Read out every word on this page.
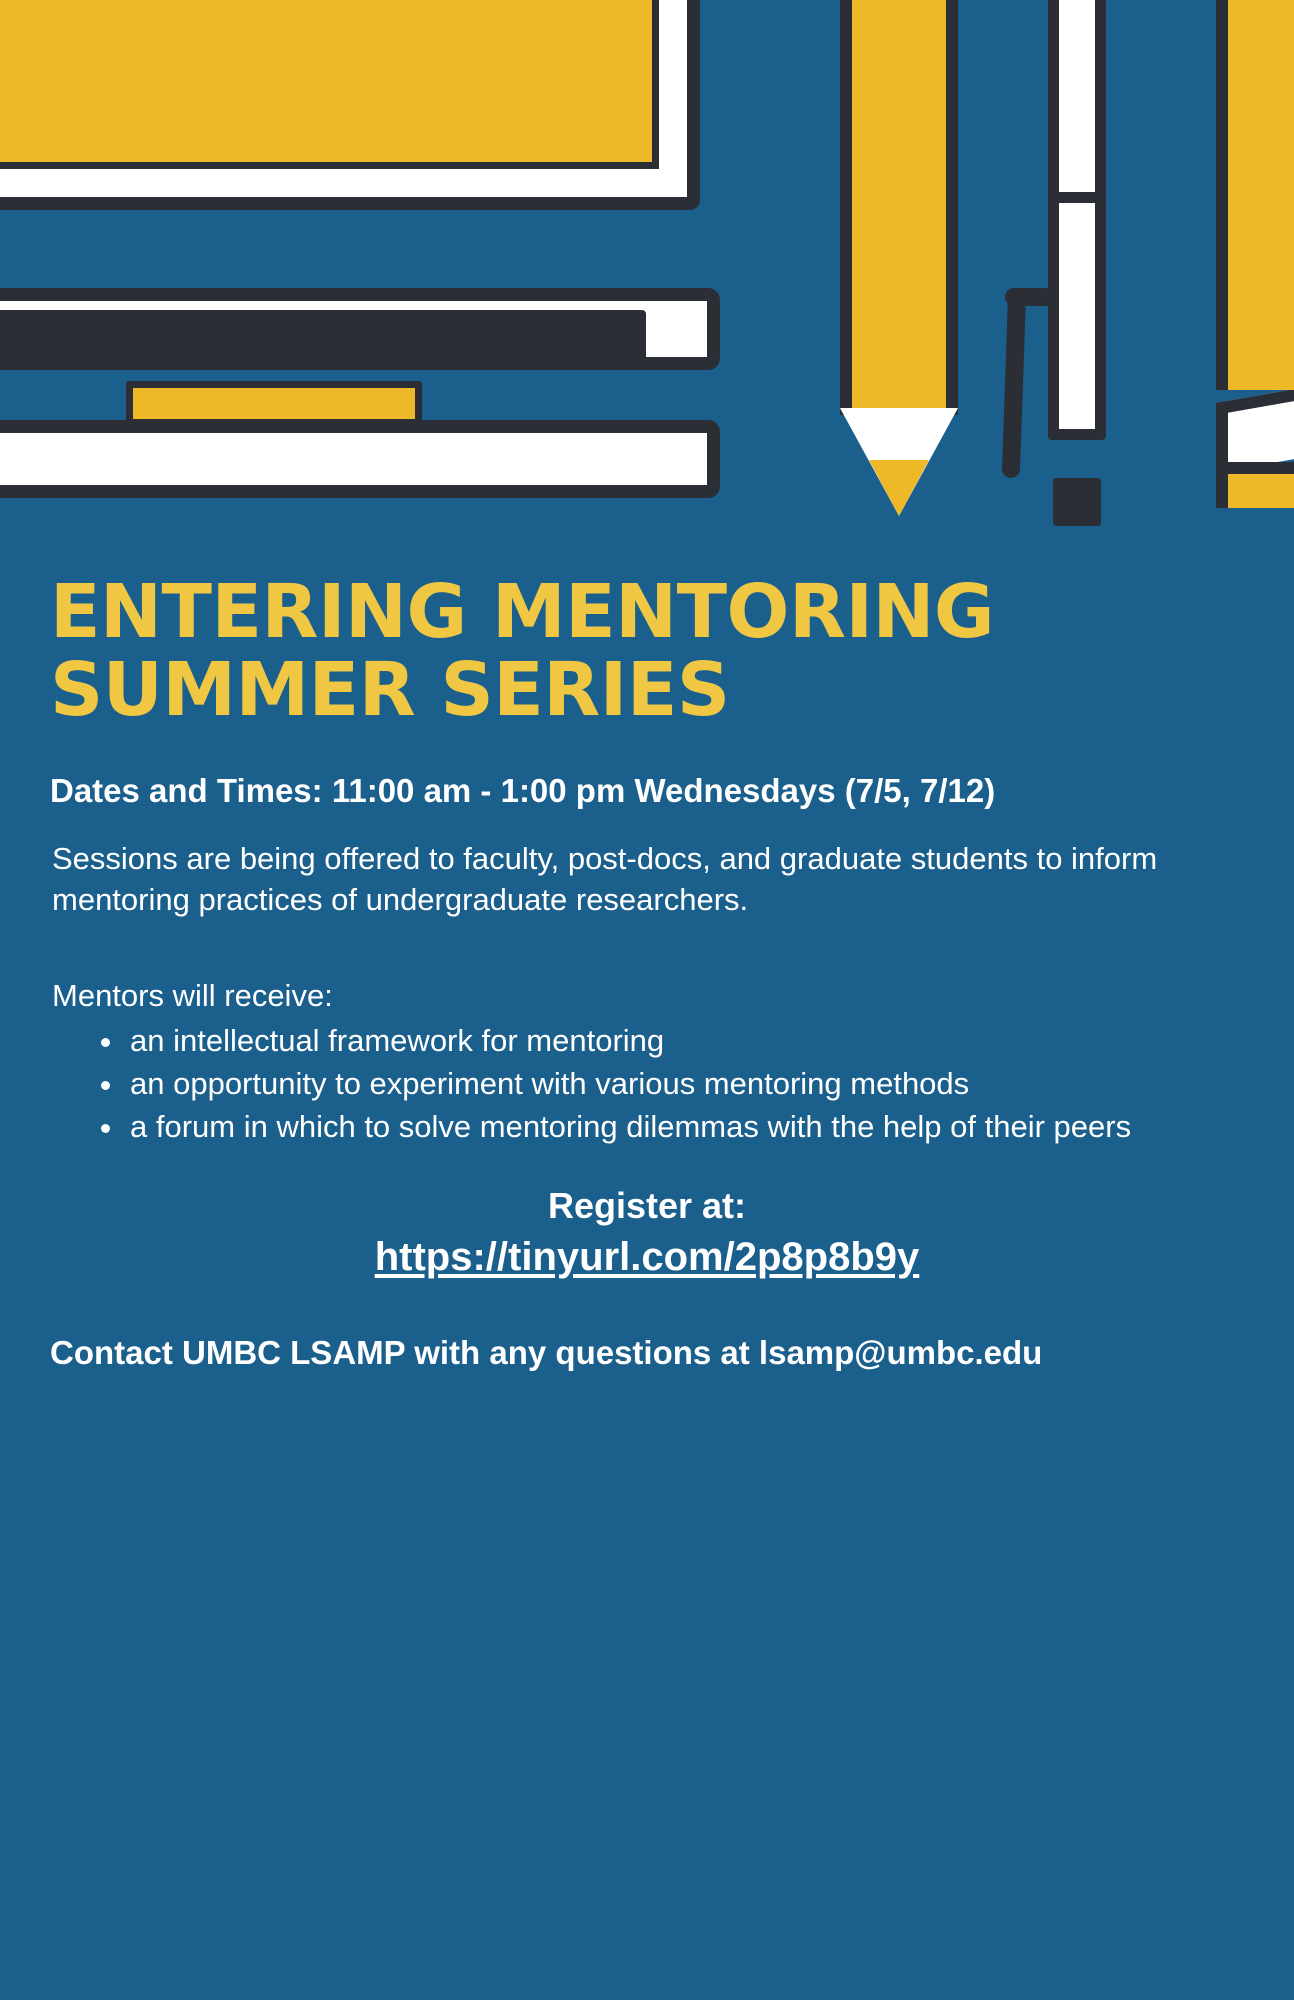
ENTERING MENTORING SUMMER SERIES

Dates and Times: 11:00 am - 1:00 pm Wednesdays (7/5, 7/12)

Sessions are being offered to faculty, post-docs, and graduate students to inform mentoring practices of undergraduate researchers.

Mentors will receive:

• an intellectual framework for mentoring
• an opportunity to experiment with various mentoring methods
• a forum in which to solve mentoring dilemmas with the help of their peers
Register at:
https://tinyurl.com/2p8p8b9y

Contact UMBC LSAMP with any questions at lsamp@umbc.edu
